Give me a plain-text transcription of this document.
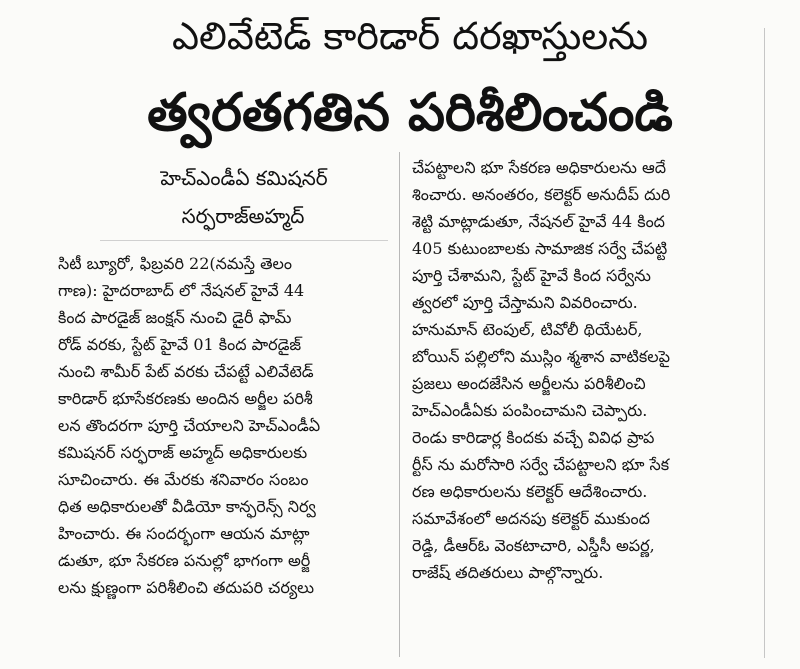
ఎలివేటెడ్ కారిడార్ దరఖాస్తులను
త్వరతగతిన పరిశీలించండి
హెచ్ఎండీఏ కమిషనర్
సర్ఫరాజ్అహ్మద్
సిటీ బ్యూరో, ఫిబ్రవరి 22(నమస్తే తెలం
గాణ): హైదరాబాద్ లో నేషనల్ హైవే 44
కింద పారడైజ్ జంక్షన్ నుంచి డైరీ ఫామ్
రోడ్ వరకు, స్టేట్ హైవే 01 కింద పారడైజ్
నుంచి శామీర్ పేట్ వరకు చేపట్టే ఎలివేటెడ్
కారిడార్ భూసేకరణకు అందిన అర్జీల పరిశీ
లన తొందరగా పూర్తి చేయాలని హెచ్ఎండీఏ
కమిషనర్ సర్ఫరాజ్ అహ్మద్ అధికారులకు
సూచించారు. ఈ మేరకు శనివారం సంబం
ధిత అధికారులతో వీడియో కాన్ఫరెన్స్ నిర్వ
హించారు. ఈ సందర్భంగా ఆయన మాట్లా
డుతూ, భూ సేకరణ పనుల్లో భాగంగా అర్జీ
లను క్షుణ్ణంగా పరిశీలించి తదుపరి చర్యలు
చేపట్టాలని భూ సేకరణ అధికారులను ఆదే
శించారు. అనంతరం, కలెక్టర్ అనుదీప్ దురి
శెట్టి మాట్లాడుతూ, నేషనల్ హైవే 44 కింద
405 కుటుంబాలకు సామాజిక సర్వే చేపట్టి
పూర్తి చేశామని, స్టేట్ హైవే కింద సర్వేను
త్వరలో పూర్తి చేస్తామని వివరించారు.
హనుమాన్ టెంపుల్, టివోలీ థియేటర్,
బోయిన్ పల్లిలోని ముస్లిం శ్మశాన వాటికలపై
ప్రజలు అందజేసిన అర్జీలను పరిశీలించి
హెచ్ఎండీఏకు పంపించామని చెప్పారు.
రెండు కారిడార్ల కిందకు వచ్చే వివిధ ప్రాప
ర్టీస్ ను మరోసారి సర్వే చేపట్టాలని భూ సేక
రణ అధికారులను కలెక్టర్ ఆదేశించారు.
సమావేశంలో అదనపు కలెక్టర్ ముకుంద
రెడ్డి, డీఆర్ఓ వెంకటాచారి, ఎస్డీసీ అపర్ణ,
రాజేష్ తదితరులు పాల్గొన్నారు.
